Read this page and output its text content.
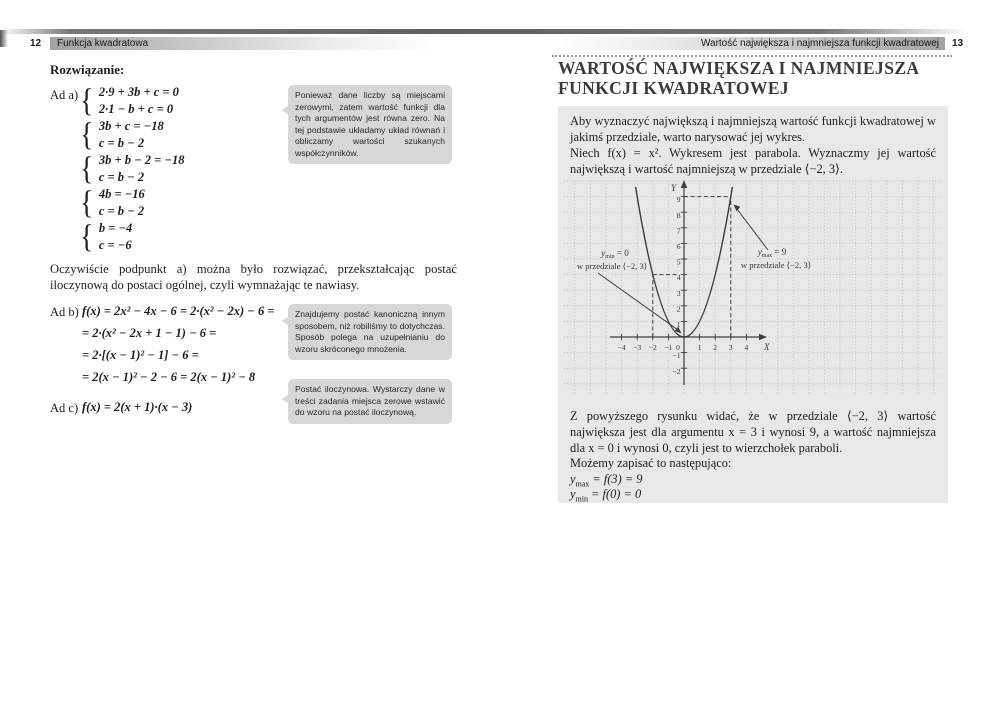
12	Funkcja kwadratowa	Wartość największa i najmniejsza funkcji kwadratowej	13
Rozwiązanie:
Ad a) { 2·9 + 3b + c = 0
2·1 − b + c = 0
{ 3b + c = −18
c = b − 2
{ 3b + b − 2 = −18
c = b − 2
{ 4b = −16
c = b − 2
{ b = −4
c = −6
Ponieważ dane liczby są miejscami zerowymi, zatem wartość funkcji dla tych argumentów jest równa zero. Na tej podstawie układamy układ równań i obliczamy wartości szukanych współczynników.
Oczywiście podpunkt a) można było rozwiązać, przekształcając postać iloczynową do postaci ogólnej, czyli wymnażając te nawiasy.
Ad b) f(x) = 2x² − 4x − 6 = 2·(x² − 2x) − 6 =
= 2·(x² − 2x + 1 − 1) − 6 =
= 2·[(x − 1)² − 1] − 6 =
= 2(x − 1)² − 2 − 6 = 2(x − 1)² − 8
Znajdujemy postać kanoniczną innym sposobem, niż robiliśmy to dotychczas. Sposób polega na uzupełnianiu do wzoru skróconego mnożenia.
Ad c) f(x) = 2(x + 1)·(x − 3)
Postać iloczynowa. Wystarczy dane w treści zadania miejsca zerowe wstawić do wzoru na postać iloczynową.
WARTOŚĆ NAJWIĘKSZA I NAJMNIEJSZA
FUNKCJI KWADRATOWEJ

Aby wyznaczyć największą i najmniejszą wartość funkcji kwadratowej w jakimś przedziale, warto narysować jej wykres.

Niech f(x) = x². Wykresem jest parabola. Wyznaczmy jej wartość największą i wartość najmniejszą w przedziale ⟨−2, 3⟩.

−4 −3 −2 −1 0 1 2 3 4 X
1
2
3
4
5
6
7
8
9
−1
−2
Y
$y_{min} = 0$
w przedziale ⟨−2, 3⟩
$y_{max} = 9$
w przedziale ⟨−2, 3⟩

Z powyższego rysunku widać, że w przedziale ⟨−2, 3⟩ wartość największa jest dla argumentu x = 3 i wynosi 9, a wartość najmniejsza dla x = 0 i wynosi 0, czyli jest to wierzchołek paraboli.

Możemy zapisać to następująco:

$y_{max} = f(3) = 9$
$y_{min} = f(0) = 0$
